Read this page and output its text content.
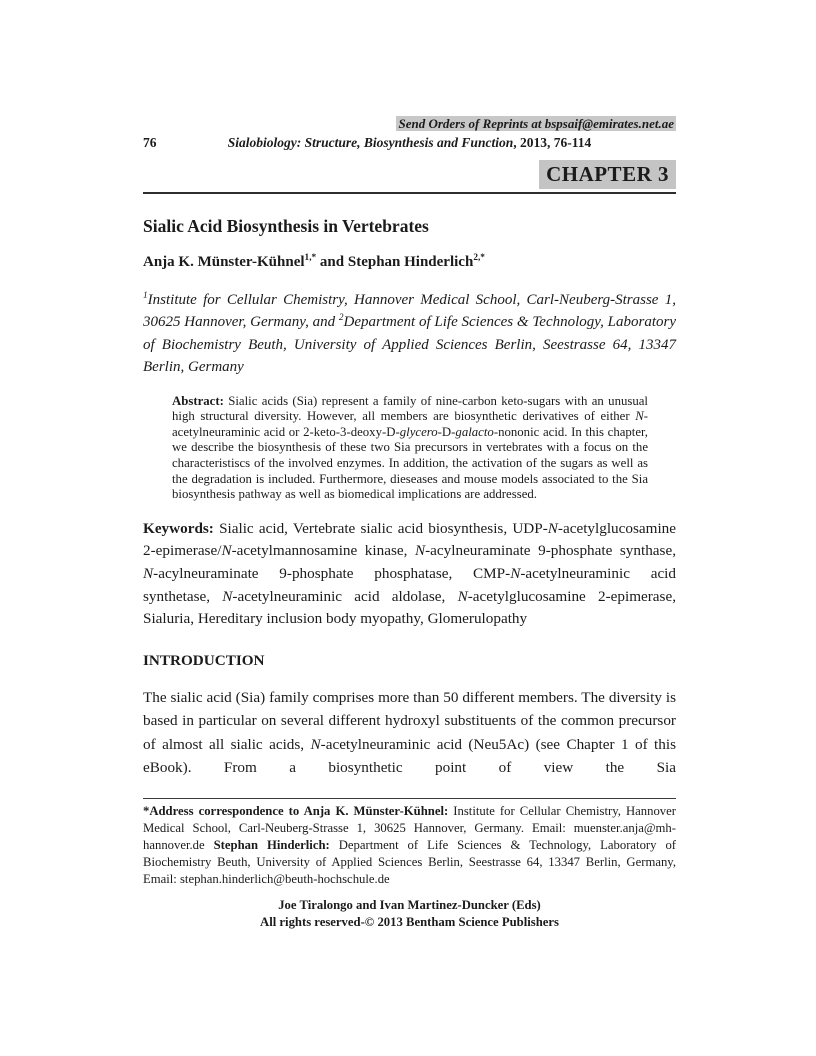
Send Orders of Reprints at bspsaif@emirates.net.ae
76	Sialobiology: Structure, Biosynthesis and Function, 2013, 76-114
CHAPTER 3
Sialic Acid Biosynthesis in Vertebrates
Anja K. Münster-Kühnel$^{1,*}$ and Stephan Hinderlich$^{2,*}$

$^1$Institute for Cellular Chemistry, Hannover Medical School, Carl-Neuberg-Strasse 1, 30625 Hannover, Germany, and $^2$Department of Life Sciences & Technology, Laboratory of Biochemistry Beuth, University of Applied Sciences Berlin, Seestrasse 64, 13347 Berlin, Germany

Abstract: Sialic acids (Sia) represent a family of nine-carbon keto-sugars with an unusual high structural diversity. However, all members are biosynthetic derivatives of either N-acetylneuraminic acid or 2-keto-3-deoxy-D-glycero-D-galacto-nononic acid. In this chapter, we describe the biosynthesis of these two Sia precursors in vertebrates with a focus on the characteristiscs of the involved enzymes. In addition, the activation of the sugars as well as the degradation is included. Furthermore, dieseases and mouse models associated to the Sia biosynthesis pathway as well as biomedical implications are addressed.

Keywords: Sialic acid, Vertebrate sialic acid biosynthesis, UDP-N-acetylglucosamine 2-epimerase/N-acetylmannosamine kinase, N-acylneuraminate 9-phosphate synthase, N-acylneuraminate 9-phosphate phosphatase, CMP-N-acetylneuraminic acid synthetase, N-acetylneuraminic acid aldolase, N-acetylglucosamine 2-epimerase, Sialuria, Hereditary inclusion body myopathy, Glomerulopathy

INTRODUCTION

The sialic acid (Sia) family comprises more than 50 different members. The diversity is based in particular on several different hydroxyl substituents of the common precursor of almost all sialic acids, N-acetylneuraminic acid (Neu5Ac) (see Chapter 1 of this eBook). From a biosynthetic point of view the Sia

*Address correspondence to Anja K. Münster-Kühnel: Institute for Cellular Chemistry, Hannover Medical School, Carl-Neuberg-Strasse 1, 30625 Hannover, Germany. Email: muenster.anja@mh-hannover.de Stephan Hinderlich: Department of Life Sciences & Technology, Laboratory of Biochemistry Beuth, University of Applied Sciences Berlin, Seestrasse 64, 13347 Berlin, Germany, Email: stephan.hinderlich@beuth-hochschule.de

Joe Tiralongo and Ivan Martinez-Duncker (Eds)
All rights reserved-© 2013 Bentham Science Publishers
